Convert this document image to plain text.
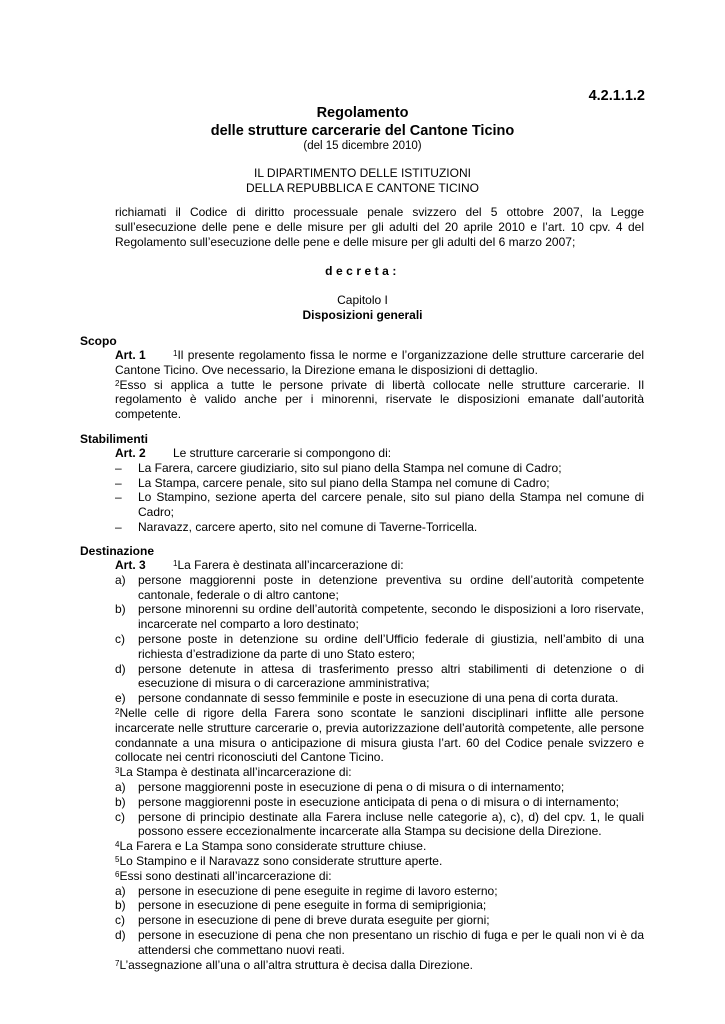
4.2.1.1.2
Regolamento
delle strutture carcerarie del Cantone Ticino
(del 15 dicembre 2010)
IL DIPARTIMENTO DELLE ISTITUZIONI
DELLA REPUBBLICA E CANTONE TICINO
richiamati il Codice di diritto processuale penale svizzero del 5 ottobre 2007, la Legge sull’esecuzione delle pene e delle misure per gli adulti del 20 aprile 2010 e l’art. 10 cpv. 4 del Regolamento sull’esecuzione delle pene e delle misure per gli adulti del 6 marzo 2007;
decreta:
Capitolo I
Disposizioni generali
Scopo
Art. 1	$^1$Il presente regolamento fissa le norme e l’organizzazione delle strutture carcerarie del Cantone Ticino. Ove necessario, la Direzione emana le disposizioni di dettaglio.
$^2$Esso si applica a tutte le persone private di libertà collocate nelle strutture carcerarie. Il regolamento è valido anche per i minorenni, riservate le disposizioni emanate dall’autorità competente.
Stabilimenti
Art. 2 Le strutture carcerarie si compongono di:
–	La Farera, carcere giudiziario, sito sul piano della Stampa nel comune di Cadro;
–	La Stampa, carcere penale, sito sul piano della Stampa nel comune di Cadro;
–	Lo Stampino, sezione aperta del carcere penale, sito sul piano della Stampa nel comune di Cadro;
–	Naravazz, carcere aperto, sito nel comune di Taverne-Torricella.
Destinazione
Art. 3	$^1$La Farera è destinata all’incarcerazione di:
a)	persone maggiorenni poste in detenzione preventiva su ordine dell’autorità competente cantonale, federale o di altro cantone;
b)	persone minorenni su ordine dell’autorità competente, secondo le disposizioni a loro riservate, incarcerate nel comparto a loro destinato;
c)	persone poste in detenzione su ordine dell’Ufficio federale di giustizia, nell’ambito di una richiesta d’estradizione da parte di uno Stato estero;
d)	persone detenute in attesa di trasferimento presso altri stabilimenti di detenzione o di esecuzione di misura o di carcerazione amministrativa;
e)	persone condannate di sesso femminile e poste in esecuzione di una pena di corta durata.
$^2$Nelle celle di rigore della Farera sono scontate le sanzioni disciplinari inflitte alle persone incarcerate nelle strutture carcerarie o, previa autorizzazione dell’autorità competente, alle persone condannate a una misura o anticipazione di misura giusta l’art. 60 del Codice penale svizzero e collocate nei centri riconosciuti del Cantone Ticino.
$^3$La Stampa è destinata all’incarcerazione di:
a)	persone maggiorenni poste in esecuzione di pena o di misura o di internamento;
b)	persone maggiorenni poste in esecuzione anticipata di pena o di misura o di internamento;
c)	persone di principio destinate alla Farera incluse nelle categorie a), c), d) del cpv. 1, le quali possono essere eccezionalmente incarcerate alla Stampa su decisione della Direzione.
$^4$La Farera e La Stampa sono considerate strutture chiuse.
$^5$Lo Stampino e il Naravazz sono considerate strutture aperte.
$^6$Essi sono destinati all’incarcerazione di:
a)	persone in esecuzione di pene eseguite in regime di lavoro esterno;
b)	persone in esecuzione di pene eseguite in forma di semiprigionia;
c)	persone in esecuzione di pene di breve durata eseguite per giorni;
d)	persone in esecuzione di pena che non presentano un rischio di fuga e per le quali non vi è da attendersi che commettano nuovi reati.
$^7$L’assegnazione all’una o all’altra struttura è decisa dalla Direzione.
